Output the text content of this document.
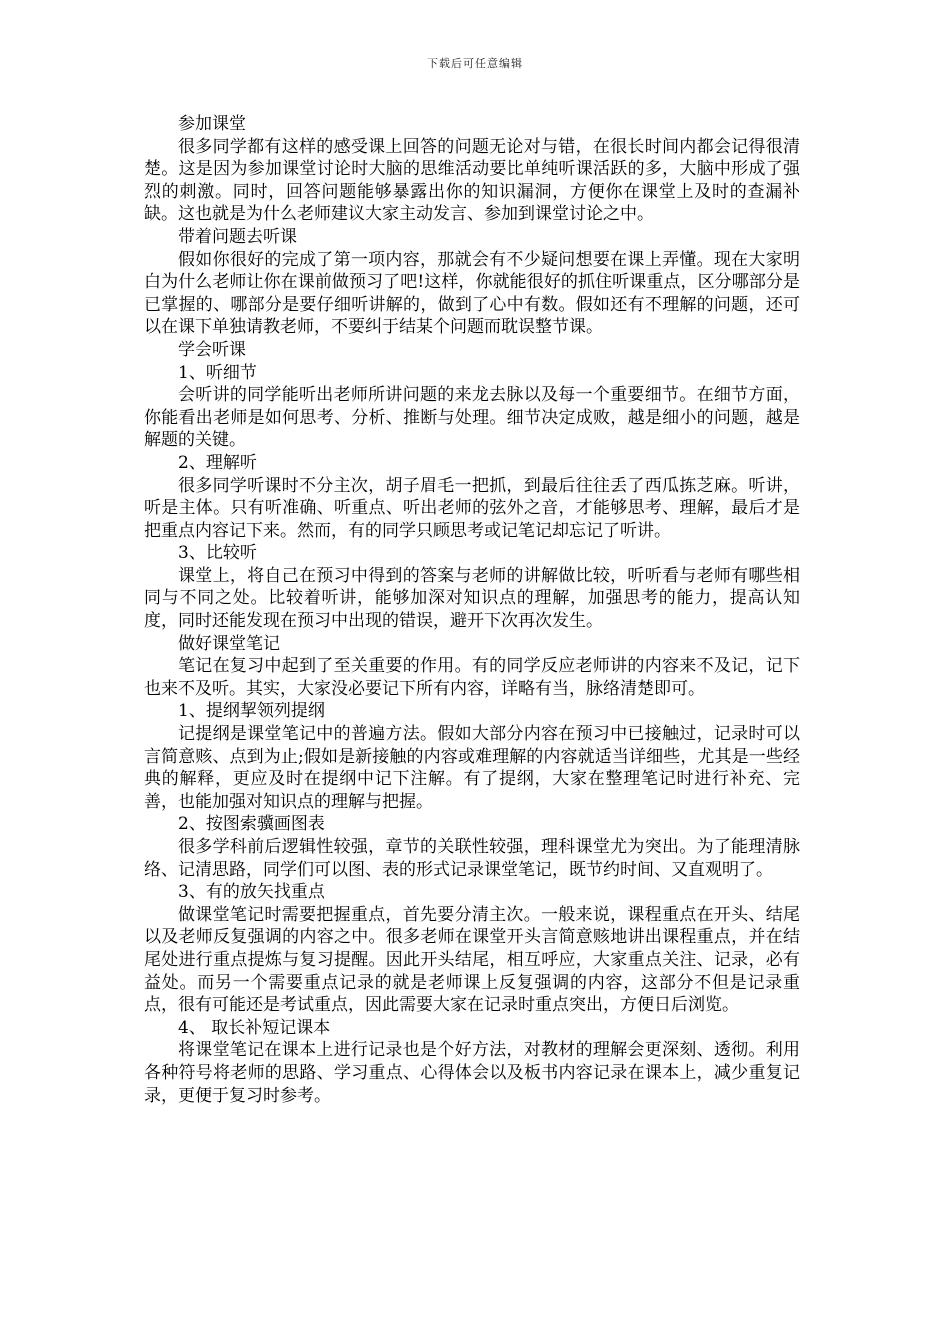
下载后可任意编辑

参加课堂

很多同学都有这样的感受课上回答的问题无论对与错，在很长时间内都会记得很清楚。这是因为参加课堂讨论时大脑的思维活动要比单纯听课活跃的多，大脑中形成了强烈的刺激。同时，回答问题能够暴露出你的知识漏洞，方便你在课堂上及时的查漏补缺。这也就是为什么老师建议大家主动发言、参加到课堂讨论之中。

带着问题去听课

假如你很好的完成了第一项内容，那就会有不少疑问想要在课上弄懂。现在大家明白为什么老师让你在课前做预习了吧!这样，你就能很好的抓住听课重点，区分哪部分是已掌握的、哪部分是要仔细听讲解的，做到了心中有数。假如还有不理解的问题，还可以在课下单独请教老师，不要纠于结某个问题而耽误整节课。

学会听课

1、听细节

会听讲的同学能听出老师所讲问题的来龙去脉以及每一个重要细节。在细节方面，你能看出老师是如何思考、分析、推断与处理。细节决定成败，越是细小的问题，越是解题的关键。

2、理解听

很多同学听课时不分主次，胡子眉毛一把抓，到最后往往丢了西瓜拣芝麻。听讲，听是主体。只有听准确、听重点、听出老师的弦外之音，才能够思考、理解，最后才是把重点内容记下来。然而，有的同学只顾思考或记笔记却忘记了听讲。

3、比较听

课堂上，将自己在预习中得到的答案与老师的讲解做比较，听听看与老师有哪些相同与不同之处。比较着听讲，能够加深对知识点的理解，加强思考的能力，提高认知度，同时还能发现在预习中出现的错误，避开下次再次发生。

做好课堂笔记

笔记在复习中起到了至关重要的作用。有的同学反应老师讲的内容来不及记，记下也来不及听。其实，大家没必要记下所有内容，详略有当，脉络清楚即可。

1、提纲挈领列提纲

记提纲是课堂笔记中的普遍方法。假如大部分内容在预习中已接触过，记录时可以言简意赅、点到为止;假如是新接触的内容或难理解的内容就适当详细些，尤其是一些经典的解释，更应及时在提纲中记下注解。有了提纲，大家在整理笔记时进行补充、完善，也能加强对知识点的理解与把握。

2、按图索骥画图表

很多学科前后逻辑性较强，章节的关联性较强，理科课堂尤为突出。为了能理清脉络、记清思路，同学们可以图、表的形式记录课堂笔记，既节约时间、又直观明了。

3、有的放矢找重点

做课堂笔记时需要把握重点，首先要分清主次。一般来说，课程重点在开头、结尾以及老师反复强调的内容之中。很多老师在课堂开头言简意赅地讲出课程重点，并在结尾处进行重点提炼与复习提醒。因此开头结尾，相互呼应，大家重点关注、记录，必有益处。而另一个需要重点记录的就是老师课上反复强调的内容，这部分不但是记录重点，很有可能还是考试重点，因此需要大家在记录时重点突出，方便日后浏览。

4、 取长补短记课本

将课堂笔记在课本上进行记录也是个好方法，对教材的理解会更深刻、透彻。利用各种符号将老师的思路、学习重点、心得体会以及板书内容记录在课本上，减少重复记录，更便于复习时参考。
